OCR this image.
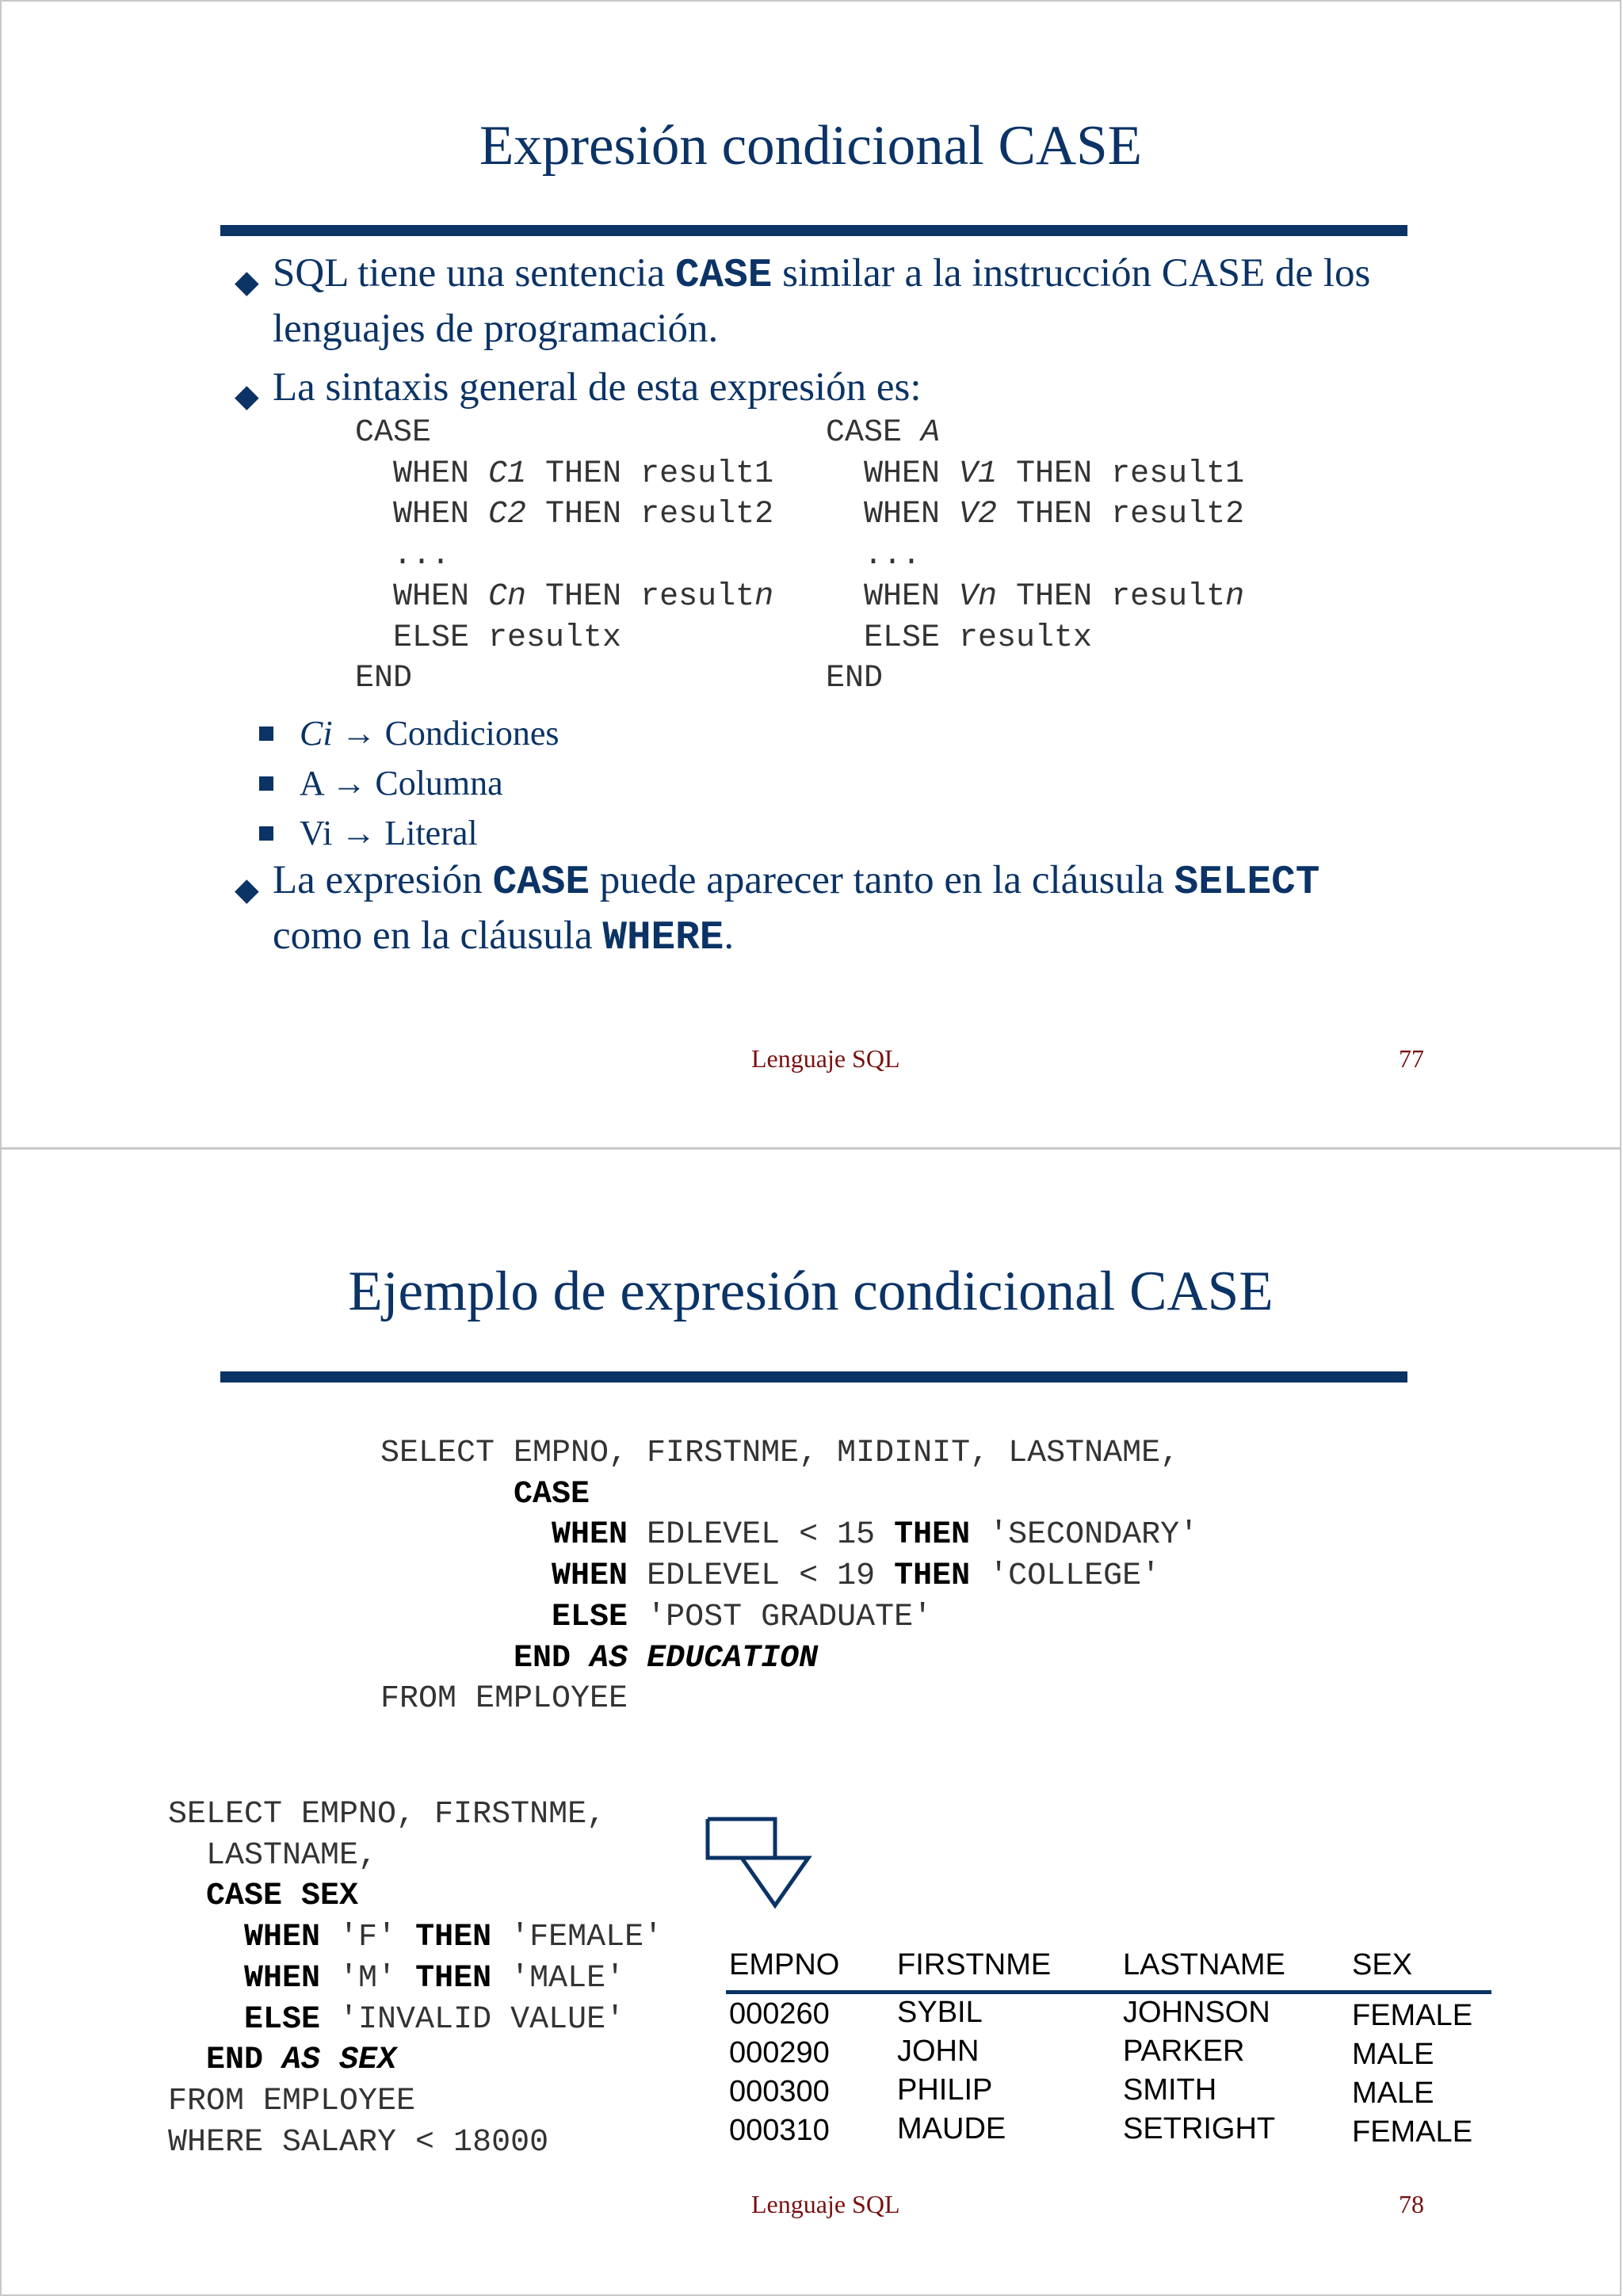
Expresión condicional CASE
◆ SQL tiene una sentencia CASE similar a la instrucción CASE de los lenguajes de programación.
◆ La sintaxis general de esta expresión es:
CASE
WHEN C1 THEN result1
WHEN C2 THEN result2
...
WHEN Cn THEN resultn
ELSE resultx
END
CASE A
WHEN V1 THEN result1
WHEN V2 THEN result2
...
WHEN Vn THEN resultn
ELSE resultx
END
Ci → Condiciones
A → Columna
Vi → Literal
◆ La expresión CASE puede aparecer tanto en la cláusula SELECT como en la cláusula WHERE.
Lenguaje SQL	77
Ejemplo de expresión condicional CASE
SELECT EMPNO, FIRSTNME, MIDINIT, LASTNAME,
CASE
WHEN EDLEVEL < 15 THEN 'SECONDARY'
WHEN EDLEVEL < 19 THEN 'COLLEGE'
ELSE 'POST GRADUATE'
END AS EDUCATION
FROM EMPLOYEE
SELECT EMPNO, FIRSTNME,
LASTNAME,
CASE SEX
WHEN 'F' THEN 'FEMALE'
WHEN 'M' THEN 'MALE'
ELSE 'INVALID VALUE'
END AS SEX
FROM EMPLOYEE
WHERE SALARY < 18000
EMPNO FIRSTNME LASTNAME SEX
000260 SYBIL	JOHNSON	FEMALE
000290 JOHN	PARKER	MALE
000300 PHILIP	SMITH	MALE
000310 MAUDE	SETRIGHT	FEMALE
Lenguaje SQL	78
